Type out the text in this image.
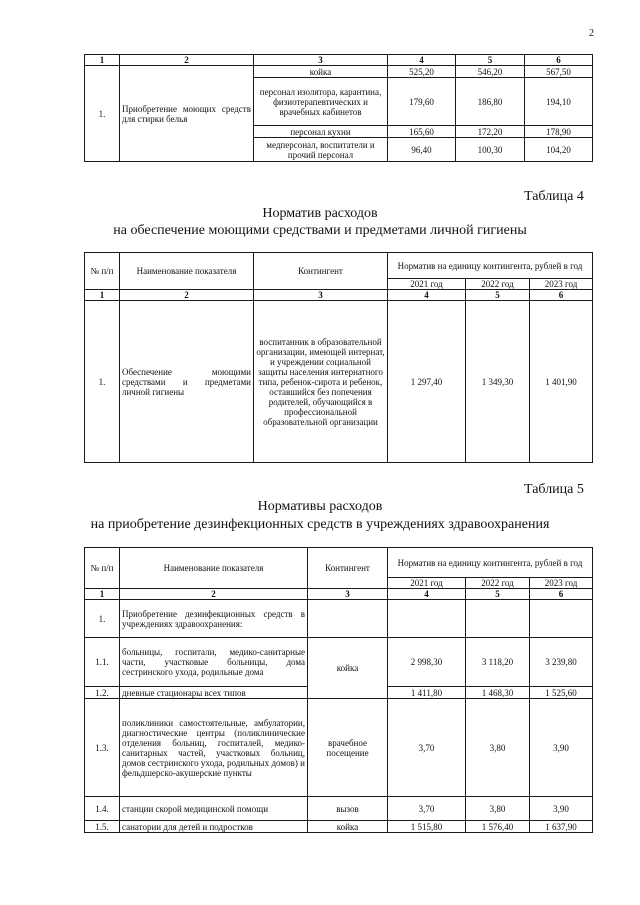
2
1	2	3	4	5	6
1.	Приобретение моющих средств для стирки белья	койка	525,20	546,20	567,50
		персонал изолятора, карантина, физиотерапевтических и врачебных кабинетов	179,60	186,80	194,10
		персонал кухни	165,60	172,20	178,90
		медперсонал, воспитатели и прочий персонал	96,40	100,30	104,20
Таблица 4
Норматив расходов
на обеспечение моющими средствами и предметами личной гигиены
№ п/п	Наименование показателя	Контингент	Норматив на единицу контингента, рублей в год		
			2021 год	2022 год	2023 год
1	2	3	4	5	6
1.	Обеспечение моющими средствами и предметами личной гигиены	воспитанник в образовательной организации, имеющей интернат, и учреждении социальной защиты населения интернатного типа, ребенок-сирота и ребенок, оставшийся без попечения родителей, обучающийся в профессиональной образовательной организации	1 297,40	1 349,30	1 401,90
Таблица 5
Нормативы расходов
на приобретение дезинфекционных средств в учреждениях здравоохранения
№ п/п	Наименование показателя	Контингент	Норматив на единицу контингента, рублей в год		
			2021 год	2022 год	2023 год
1	2	3	4	5	6
1.	Приобретение дезинфекционных средств в учреждениях здравоохранения:				
1.1.	больницы, госпитали, медико-санитарные части, участковые больницы, дома сестринского ухода, родильные дома	койка	2 998,30	3 118,20	3 239,80
1.2.	дневные стационары всех типов		1 411,80	1 468,30	1 525,60
1.3.	поликлиники самостоятельные, амбулатории, диагностические центры (поликлинические отделения больниц, госпиталей, медико-санитарных частей, участковых больниц, домов сестринского ухода, родильных домов) и фельдшерско-акушерские пункты	врачебное посещение	3,70	3,80	3,90
1.4.	станции скорой медицинской помощи	вызов	3,70	3,80	3,90
1.5.	санатории для детей и подростков	койка	1 515,80	1 576,40	1 637,90
